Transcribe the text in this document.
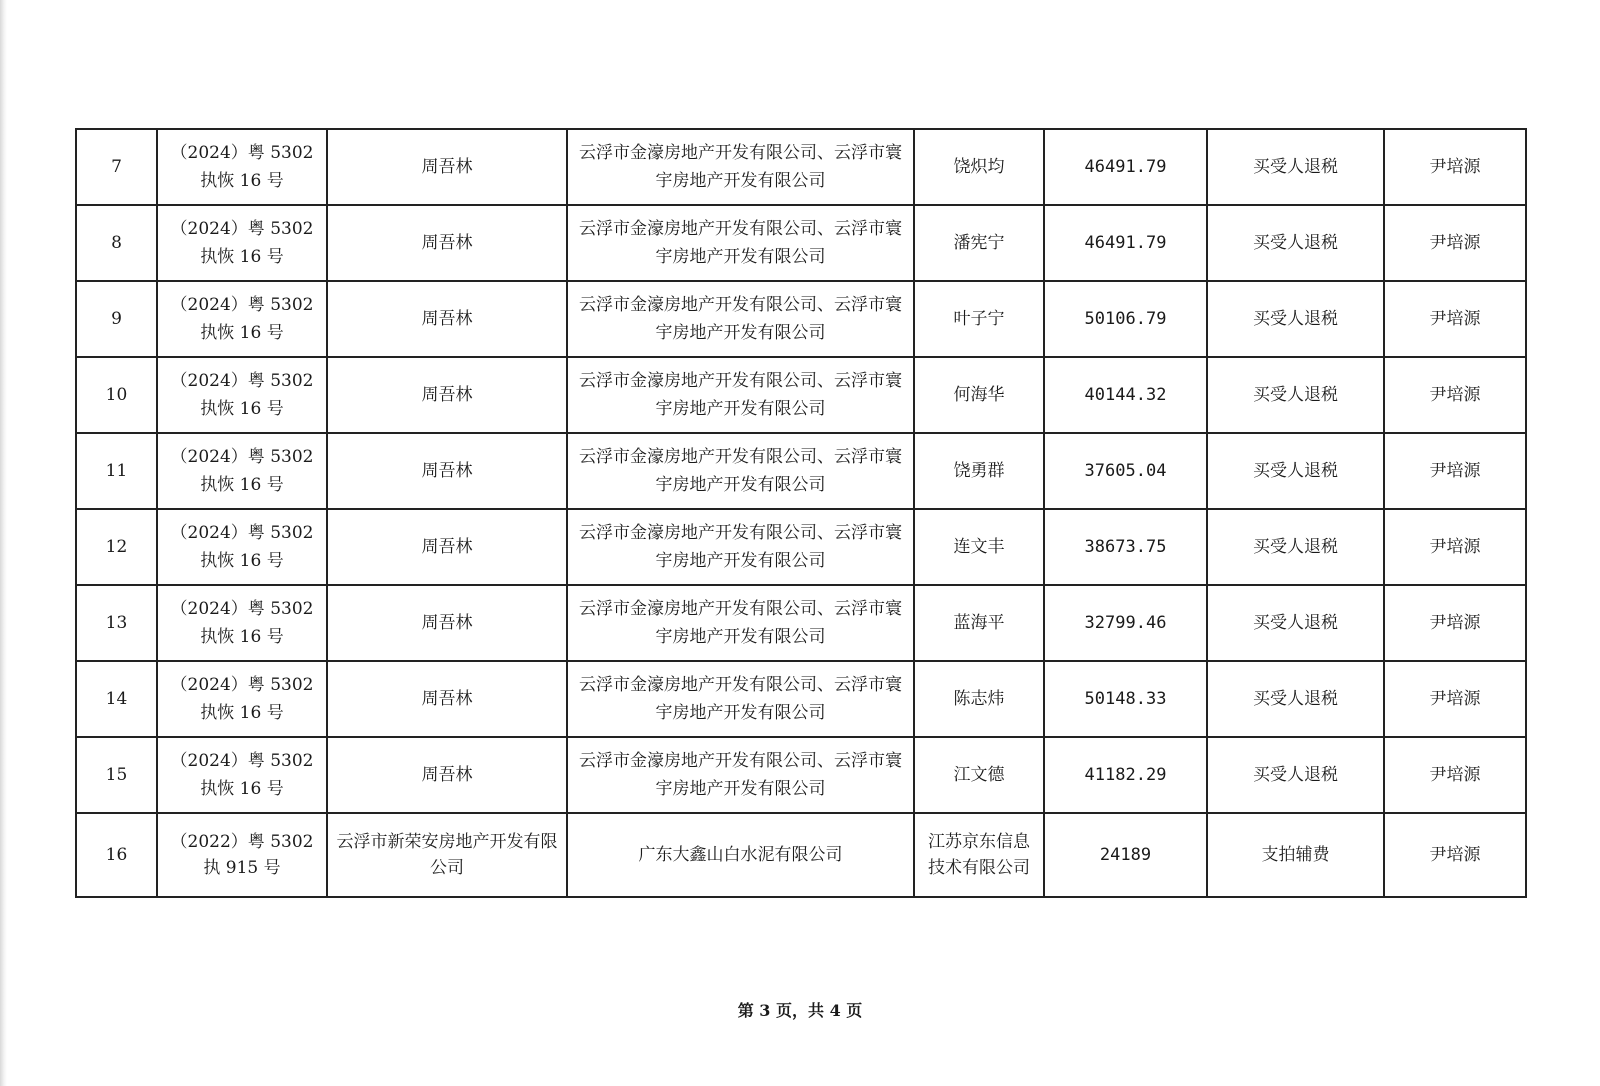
7	（2024）粤 5302 执恢 16 号	周吾林	云浮市金濠房地产开发有限公司、云浮市寰宇房地产开发有限公司	饶炽均	46491.79	买受人退税	尹培源
8	（2024）粤 5302 执恢 16 号	周吾林	云浮市金濠房地产开发有限公司、云浮市寰宇房地产开发有限公司	潘宪宁	46491.79	买受人退税	尹培源
9	（2024）粤 5302 执恢 16 号	周吾林	云浮市金濠房地产开发有限公司、云浮市寰宇房地产开发有限公司	叶子宁	50106.79	买受人退税	尹培源
10	（2024）粤 5302 执恢 16 号	周吾林	云浮市金濠房地产开发有限公司、云浮市寰宇房地产开发有限公司	何海华	40144.32	买受人退税	尹培源
11	（2024）粤 5302 执恢 16 号	周吾林	云浮市金濠房地产开发有限公司、云浮市寰宇房地产开发有限公司	饶勇群	37605.04	买受人退税	尹培源
12	（2024）粤 5302 执恢 16 号	周吾林	云浮市金濠房地产开发有限公司、云浮市寰宇房地产开发有限公司	连文丰	38673.75	买受人退税	尹培源
13	（2024）粤 5302 执恢 16 号	周吾林	云浮市金濠房地产开发有限公司、云浮市寰宇房地产开发有限公司	蓝海平	32799.46	买受人退税	尹培源
14	（2024）粤 5302 执恢 16 号	周吾林	云浮市金濠房地产开发有限公司、云浮市寰宇房地产开发有限公司	陈志炜	50148.33	买受人退税	尹培源
15	（2024）粤 5302 执恢 16 号	周吾林	云浮市金濠房地产开发有限公司、云浮市寰宇房地产开发有限公司	江文德	41182.29	买受人退税	尹培源
16	（2022）粤 5302 执 915 号	云浮市新荣安房地产开发有限公司	广东大鑫山白水泥有限公司	江苏京东信息技术有限公司	24189	支拍辅费	尹培源
第 3 页，共 4 页
